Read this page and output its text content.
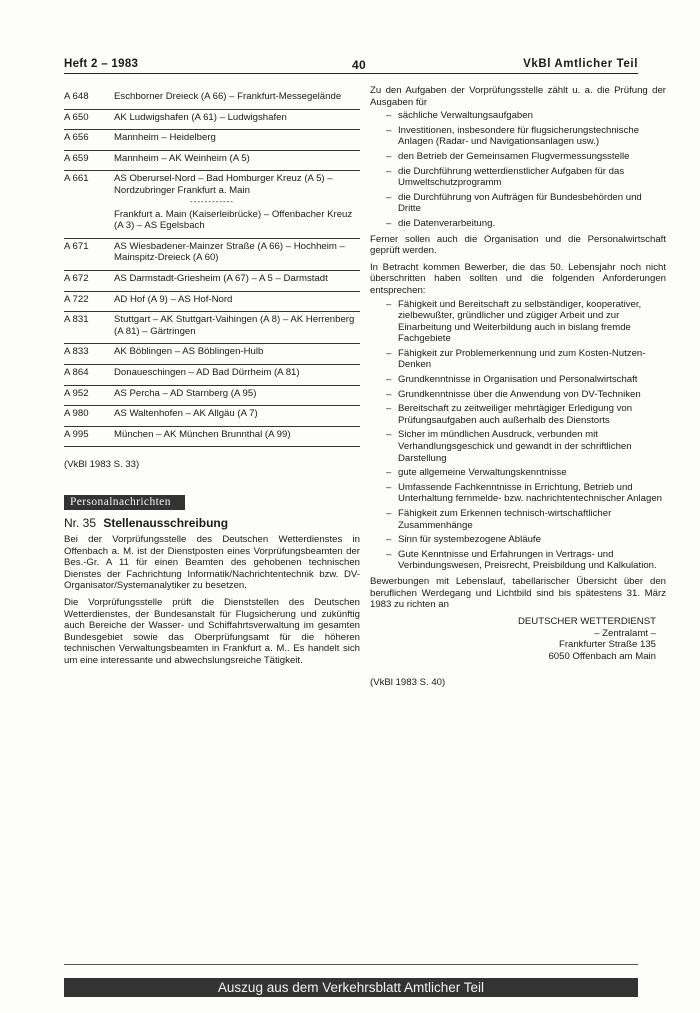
Heft 2 – 1983	40	VkBl Amtlicher Teil
A 648	Eschborner Dreieck (A 66) – Frankfurt-Messegelände

A 650	AK Ludwigshafen (A 61) – Ludwigshafen

A 656	Mannheim – Heidelberg

A 659	Mannheim – AK Weinheim (A 5)

A 661	AS Oberursel-Nord – Bad Homburger Kreuz (A 5) – Nordzubringer Frankfurt a. Main
------------
Frankfurt a. Main (Kaiserleibrücke) – Offenbacher Kreuz (A 3) – AS Egelsbach

A 671	AS Wiesbadener-Mainzer Straße (A 66) – Hochheim – Mainspitz-Dreieck (A 60)

A 672	AS Darmstadt-Griesheim (A 67) – A 5 – Darmstadt

A 722	AD Hof (A 9) – AS Hof-Nord

A 831	Stuttgart – AK Stuttgart-Vaihingen (A 8) – AK Herrenberg (A 81) – Gärtringen

A 833	AK Böblingen – AS Böblingen-Hulb

A 864	Donaueschingen – AD Bad Dürrheim (A 81)

A 952	AS Percha – AD Starnberg (A 95)

A 980	AS Waltenhofen – AK Allgäu (A 7)

A 995	München – AK München Brunnthal (A 99)
(VkBl 1983 S. 33)
Personalnachrichten
Nr. 35 Stellenausschreibung
Bei der Vorprüfungsstelle des Deutschen Wetterdienstes in Offenbach a. M. ist der Dienstposten eines Vorprüfungsbeamten der Bes.-Gr. A 11 für einen Beamten des gehobenen technischen Dienstes der Fachrichtung Informatik/Nachrichtentechnik bzw. DV-Organisator/Systemanalytiker zu besetzen.
Die Vorprüfungsstelle prüft die Dienststellen des Deutschen Wetterdienstes, der Bundesanstalt für Flugsicherung und zukünftig auch Bereiche der Wasser- und Schiffahrtsverwaltung im gesamten Bundesgebiet sowie das Oberprüfungsamt für die höheren technischen Verwaltungsbeamten in Frankfurt a. M.. Es handelt sich um eine interessante und abwechslungsreiche Tätigkeit.
Zu den Aufgaben der Vorprüfungsstelle zählt u. a. die Prüfung der Ausgaben für
– sächliche Verwaltungsaufgaben
– Investitionen, insbesondere für flugsicherungstechnische Anlagen (Radar- und Navigationsanlagen usw.)
– den Betrieb der Gemeinsamen Flugvermessungsstelle
– die Durchführung wetterdienstlicher Aufgaben für das Umweltschutzprogramm
– die Durchführung von Aufträgen für Bundesbehörden und Dritte
– die Datenverarbeitung.
Ferner sollen auch die Organisation und die Personalwirtschaft geprüft werden.
In Betracht kommen Bewerber, die das 50. Lebensjahr noch nicht überschritten haben sollten und die folgenden Anforderungen entsprechen:
– Fähigkeit und Bereitschaft zu selbständiger, kooperativer, zielbewußter, gründlicher und zügiger Arbeit und zur Einarbeitung und Weiterbildung auch in bislang fremde Fachgebiete
– Fähigkeit zur Problemerkennung und zum Kosten-Nutzen-Denken
– Grundkenntnisse in Organisation und Personalwirtschaft
– Grundkenntnisse über die Anwendung von DV-Techniken
– Bereitschaft zu zeitweiliger mehrtägiger Erledigung von Prüfungsaufgaben auch außerhalb des Dienstorts
– Sicher im mündlichen Ausdruck, verbunden mit Verhandlungsgeschick und gewandt in der schriftlichen Darstellung
– gute allgemeine Verwaltungskenntnisse
– Umfassende Fachkenntnisse in Errichtung, Betrieb und Unterhaltung fernmelde- bzw. nachrichtentechnischer Anlagen
– Fähigkeit zum Erkennen technisch-wirtschaftlicher Zusammenhänge
– Sinn für systembezogene Abläufe
– Gute Kenntnisse und Erfahrungen in Vertrags- und Verbindungswesen, Preisrecht, Preisbildung und Kalkulation.
Bewerbungen mit Lebenslauf, tabellarischer Übersicht über den beruflichen Werdegang und Lichtbild sind bis spätestens 31. März 1983 zu richten an
DEUTSCHER WETTERDIENST
– Zentralamt –
Frankfurter Straße 135
6050 Offenbach am Main
(VkBl 1983 S. 40)
Auszug aus dem Verkehrsblatt Amtlicher Teil
